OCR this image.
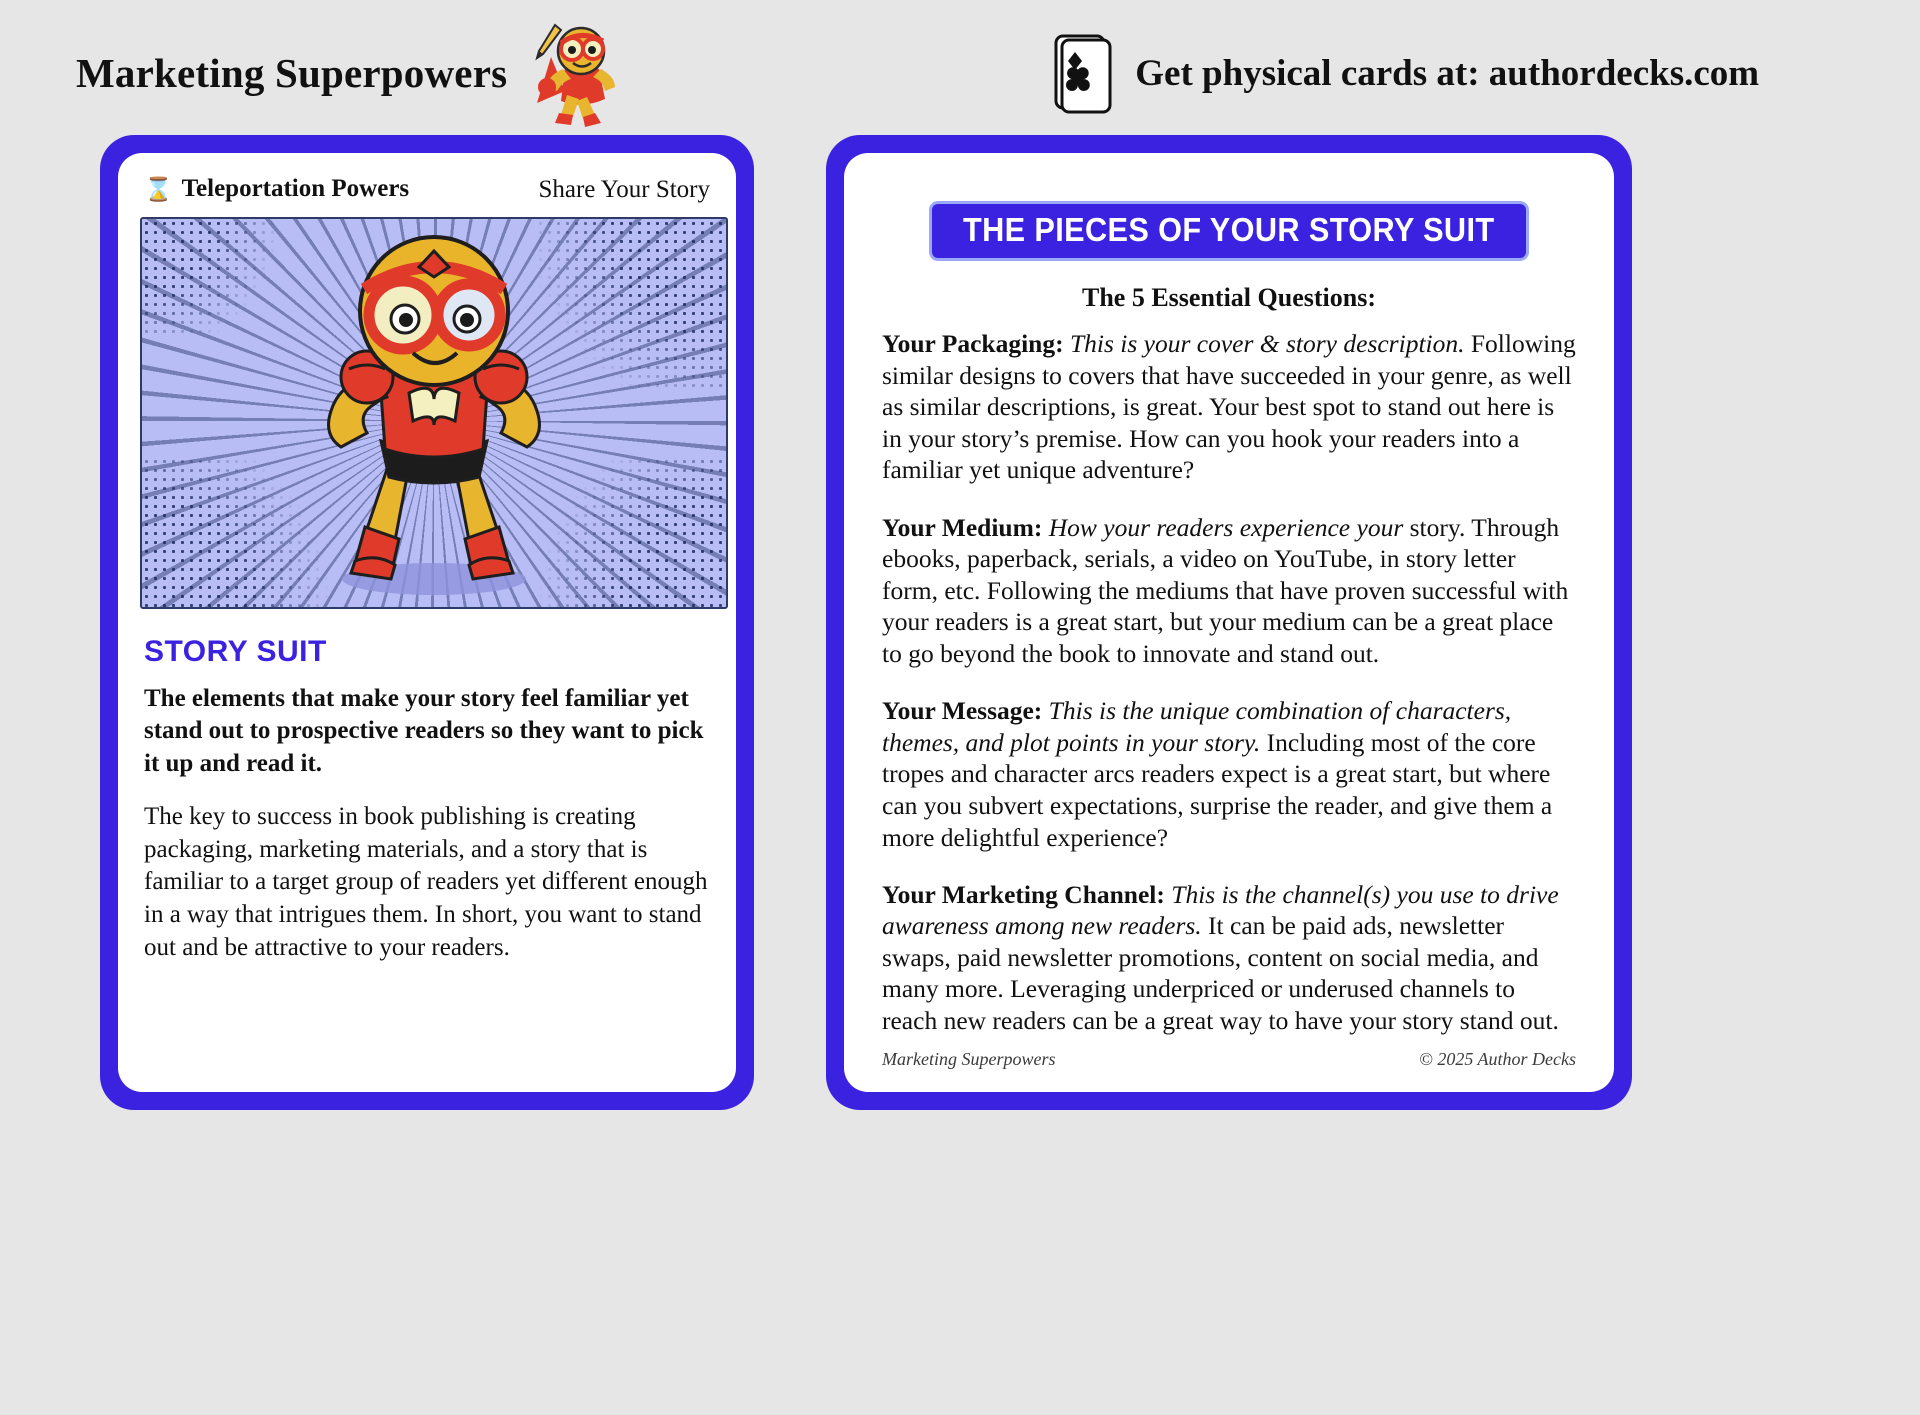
Marketing Superpowers	Get physical cards at: authordecks.com
⌛ Teleportation Powers	Share Your Story
STORY SUIT
The elements that make your story feel familiar yet stand out to prospective readers so they want to pick it up and read it.
The key to success in book publishing is creating packaging, marketing materials, and a story that is familiar to a target group of readers yet different enough in a way that intrigues them. In short, you want to stand out and be attractive to your readers.
THE PIECES OF YOUR STORY SUIT
The 5 Essential Questions:

Your Packaging: This is your cover & story description. Following similar designs to covers that have succeeded in your genre, as well as similar descriptions, is great. Your best spot to stand out here is in your story’s premise. How can you hook your readers into a familiar yet unique adventure?

Your Medium: How your readers experience your story. Through ebooks, paperback, serials, a video on YouTube, in story letter form, etc. Following the mediums that have proven successful with your readers is a great start, but your medium can be a great place to go beyond the book to innovate and stand out.

Your Message: This is the unique combination of characters, themes, and plot points in your story. Including most of the core tropes and character arcs readers expect is a great start, but where can you subvert expectations, surprise the reader, and give them a more delightful experience?

Your Marketing Channel: This is the channel(s) you use to drive awareness among new readers. It can be paid ads, newsletter swaps, paid newsletter promotions, content on social media, and many more. Leveraging underpriced or underused channels to reach new readers can be a great way to have your story stand out.

Marketing Superpowers	© 2025 Author Decks
